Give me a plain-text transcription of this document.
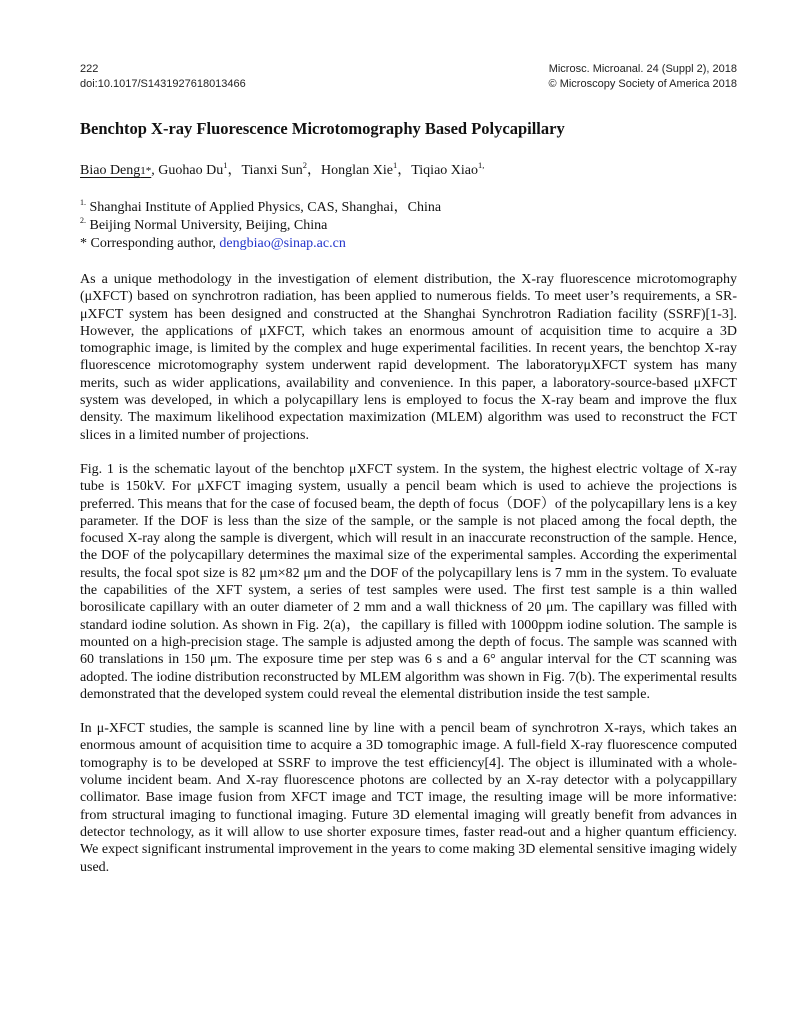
222
doi:10.1017/S1431927618013466
Microsc. Microanal. 24 (Suppl 2), 2018
© Microscopy Society of America 2018
Benchtop X-ray Fluorescence Microtomography Based Polycapillary
Biao Deng1*, Guohao Du$^1$，Tianxi Sun$^2$，Honglan Xie$^1$，Tiqiao Xiao$^{1,}$
$^{1.}$ Shanghai Institute of Applied Physics, CAS, Shanghai，China
$^{2.}$ Beijing Normal University, Beijing, China
* Corresponding author, dengbiao@sinap.ac.cn

As a unique methodology in the investigation of element distribution, the X-ray fluorescence microtomography (μXFCT) based on synchrotron radiation, has been applied to numerous fields. To meet user’s requirements, a SR-μXFCT system has been designed and constructed at the Shanghai Synchrotron Radiation facility (SSRF)[1-3]. However, the applications of μXFCT, which takes an enormous amount of acquisition time to acquire a 3D tomographic image, is limited by the complex and huge experimental facilities. In recent years, the benchtop X-ray fluorescence microtomography system underwent rapid development. The laboratoryμXFCT system has many merits, such as wider applications, availability and convenience. In this paper, a laboratory-source-based μXFCT system was developed, in which a polycapillary lens is employed to focus the X-ray beam and improve the flux density. The maximum likelihood expectation maximization (MLEM) algorithm was used to reconstruct the FCT slices in a limited number of projections.

Fig. 1 is the schematic layout of the benchtop μXFCT system. In the system, the highest electric voltage of X-ray tube is 150kV. For μXFCT imaging system, usually a pencil beam which is used to achieve the projections is preferred. This means that for the case of focused beam, the depth of focus（DOF）of the polycapillary lens is a key parameter. If the DOF is less than the size of the sample, or the sample is not placed among the focal depth, the focused X-ray along the sample is divergent, which will result in an inaccurate reconstruction of the sample. Hence, the DOF of the polycapillary determines the maximal size of the experimental samples. According the experimental results, the focal spot size is 82 μm×82 μm and the DOF of the polycapillary lens is 7 mm in the system. To evaluate the capabilities of the XFT system, a series of test samples were used. The first test sample is a thin walled borosilicate capillary with an outer diameter of 2 mm and a wall thickness of 20 μm. The capillary was filled with standard iodine solution. As shown in Fig. 2(a)，the capillary is filled with 1000ppm iodine solution. The sample is mounted on a high-precision stage. The sample is adjusted among the depth of focus. The sample was scanned with 60 translations in 150 μm. The exposure time per step was 6 s and a 6° angular interval for the CT scanning was adopted. The iodine distribution reconstructed by MLEM algorithm was shown in Fig. 7(b). The experimental results demonstrated that the developed system could reveal the elemental distribution inside the test sample.

In μ-XFCT studies, the sample is scanned line by line with a pencil beam of synchrotron X-rays, which takes an enormous amount of acquisition time to acquire a 3D tomographic image. A full-field X-ray fluorescence computed tomography is to be developed at SSRF to improve the test efficiency[4]. The object is illuminated with a whole-volume incident beam. And X-ray fluorescence photons are collected by an X-ray detector with a polycappillary collimator. Base image fusion from XFCT image and TCT image, the resulting image will be more informative: from structural imaging to functional imaging. Future 3D elemental imaging will greatly benefit from advances in detector technology, as it will allow to use shorter exposure times, faster read-out and a higher quantum efficiency. We expect significant instrumental improvement in the years to come making 3D elemental sensitive imaging widely used.
